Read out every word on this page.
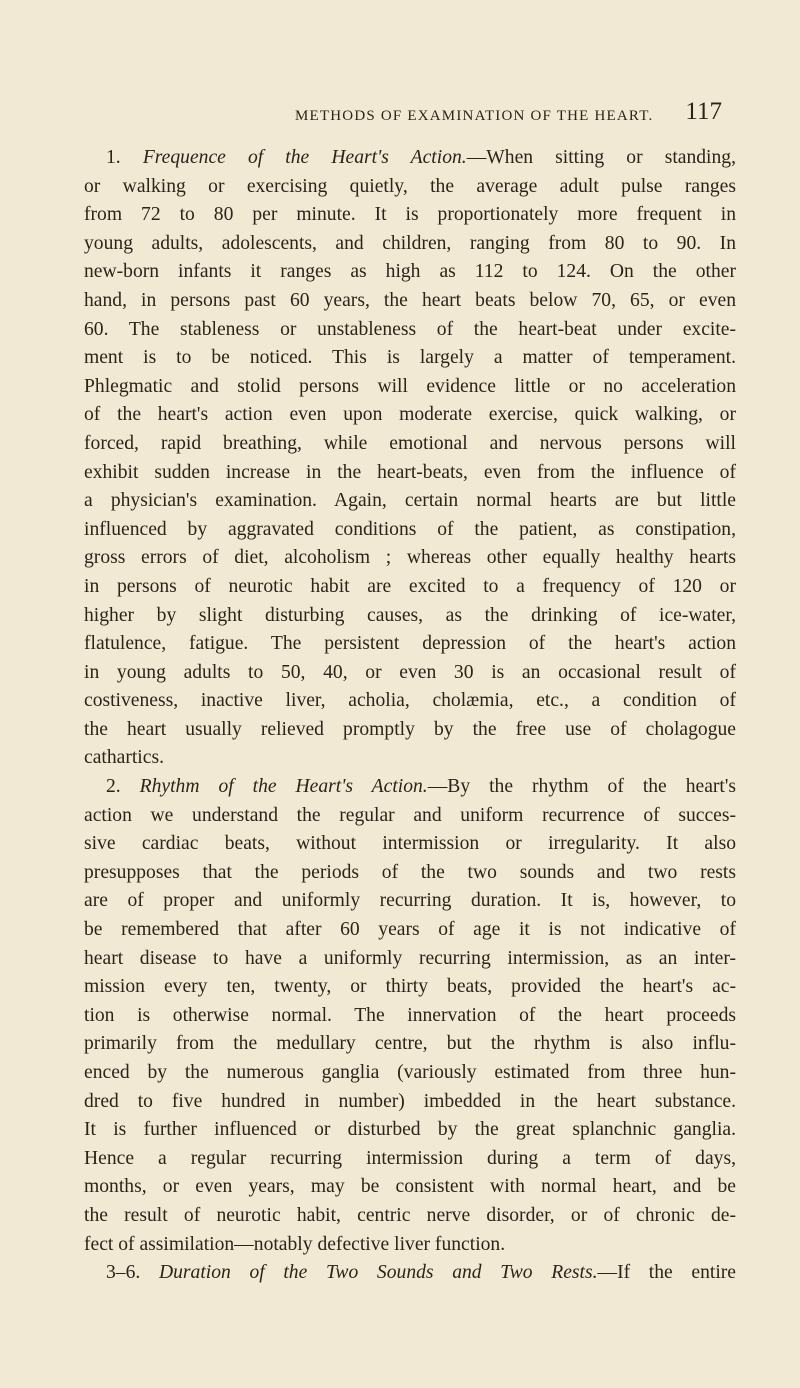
METHODS OF EXAMINATION OF THE HEART.	117
1. Frequence of the Heart's Action.—When sitting or standing,
or walking or exercising quietly, the average adult pulse ranges
from 72 to 80 per minute. It is proportionately more frequent in
young adults, adolescents, and children, ranging from 80 to 90. In
new-born infants it ranges as high as 112 to 124. On the other
hand, in persons past 60 years, the heart beats below 70, 65, or even
60. The stableness or unstableness of the heart-beat under excite-
ment is to be noticed. This is largely a matter of temperament.
Phlegmatic and stolid persons will evidence little or no acceleration
of the heart's action even upon moderate exercise, quick walking, or
forced, rapid breathing, while emotional and nervous persons will
exhibit sudden increase in the heart-beats, even from the influence of
a physician's examination. Again, certain normal hearts are but little
influenced by aggravated conditions of the patient, as constipation,
gross errors of diet, alcoholism ; whereas other equally healthy hearts
in persons of neurotic habit are excited to a frequency of 120 or
higher by slight disturbing causes, as the drinking of ice-water,
flatulence, fatigue. The persistent depression of the heart's action
in young adults to 50, 40, or even 30 is an occasional result of
costiveness, inactive liver, acholia, cholæmia, etc., a condition of
the heart usually relieved promptly by the free use of cholagogue
cathartics.
2. Rhythm of the Heart's Action.—By the rhythm of the heart's
action we understand the regular and uniform recurrence of succes-
sive cardiac beats, without intermission or irregularity. It also
presupposes that the periods of the two sounds and two rests
are of proper and uniformly recurring duration. It is, however, to
be remembered that after 60 years of age it is not indicative of
heart disease to have a uniformly recurring intermission, as an inter-
mission every ten, twenty, or thirty beats, provided the heart's ac-
tion is otherwise normal. The innervation of the heart proceeds
primarily from the medullary centre, but the rhythm is also influ-
enced by the numerous ganglia (variously estimated from three hun-
dred to five hundred in number) imbedded in the heart substance.
It is further influenced or disturbed by the great splanchnic ganglia.
Hence a regular recurring intermission during a term of days,
months, or even years, may be consistent with normal heart, and be
the result of neurotic habit, centric nerve disorder, or of chronic de-
fect of assimilation—notably defective liver function.
3–6. Duration of the Two Sounds and Two Rests.—If the entire
